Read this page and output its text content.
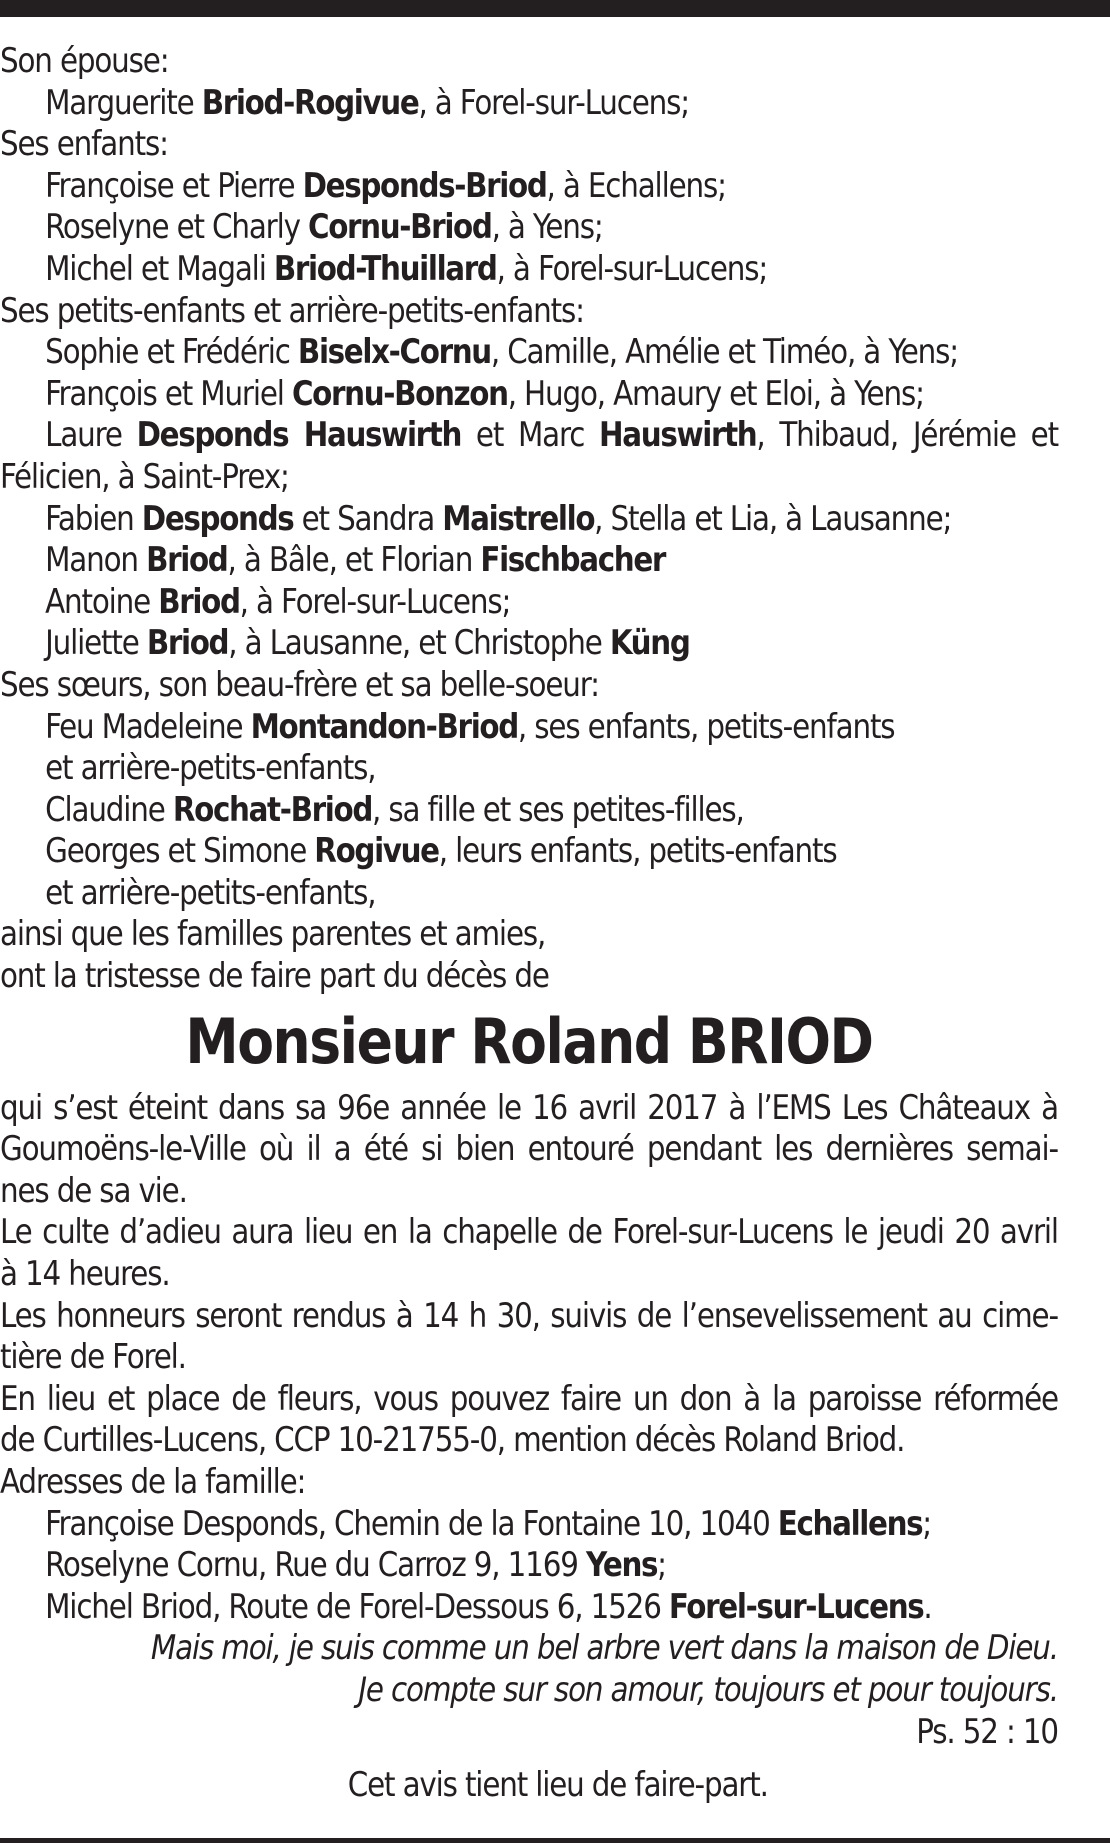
Son épouse:
Marguerite Briod-Rogivue, à Forel-sur-Lucens;
Ses enfants:
Françoise et Pierre Desponds-Briod, à Echallens;
Roselyne et Charly Cornu-Briod, à Yens;
Michel et Magali Briod-Thuillard, à Forel-sur-Lucens;
Ses petits-enfants et arrière-petits-enfants:
Sophie et Frédéric Biselx-Cornu, Camille, Amélie et Timéo, à Yens;
François et Muriel Cornu-Bonzon, Hugo, Amaury et Eloi, à Yens;
Laure Desponds Hauswirth et Marc Hauswirth, Thibaud, Jérémie et
Félicien, à Saint-Prex;
Fabien Desponds et Sandra Maistrello, Stella et Lia, à Lausanne;
Manon Briod, à Bâle, et Florian Fischbacher
Antoine Briod, à Forel-sur-Lucens;
Juliette Briod, à Lausanne, et Christophe Küng
Ses sœurs, son beau-frère et sa belle-soeur:
Feu Madeleine Montandon-Briod, ses enfants, petits-enfants
et arrière-petits-enfants,
Claudine Rochat-Briod, sa fille et ses petites-filles,
Georges et Simone Rogivue, leurs enfants, petits-enfants
et arrière-petits-enfants,
ainsi que les familles parentes et amies,
ont la tristesse de faire part du décès de
Monsieur Roland BRIOD
qui s’est éteint dans sa 96e année le 16 avril 2017 à l’EMS Les Châteaux à
Goumoëns-le-Ville où il a été si bien entouré pendant les dernières semai-
nes de sa vie.
Le culte d’adieu aura lieu en la chapelle de Forel-sur-Lucens le jeudi 20 avril
à 14 heures.
Les honneurs seront rendus à 14 h 30, suivis de l’ensevelissement au cime-
tière de Forel.
En lieu et place de fleurs, vous pouvez faire un don à la paroisse réformée
de Curtilles-Lucens, CCP 10-21755-0, mention décès Roland Briod.
Adresses de la famille:
Françoise Desponds, Chemin de la Fontaine 10, 1040 Echallens;
Roselyne Cornu, Rue du Carroz 9, 1169 Yens;
Michel Briod, Route de Forel-Dessous 6, 1526 Forel-sur-Lucens.
Mais moi, je suis comme un bel arbre vert dans la maison de Dieu.
Je compte sur son amour, toujours et pour toujours.
Ps. 52 : 10
Cet avis tient lieu de faire-part.
